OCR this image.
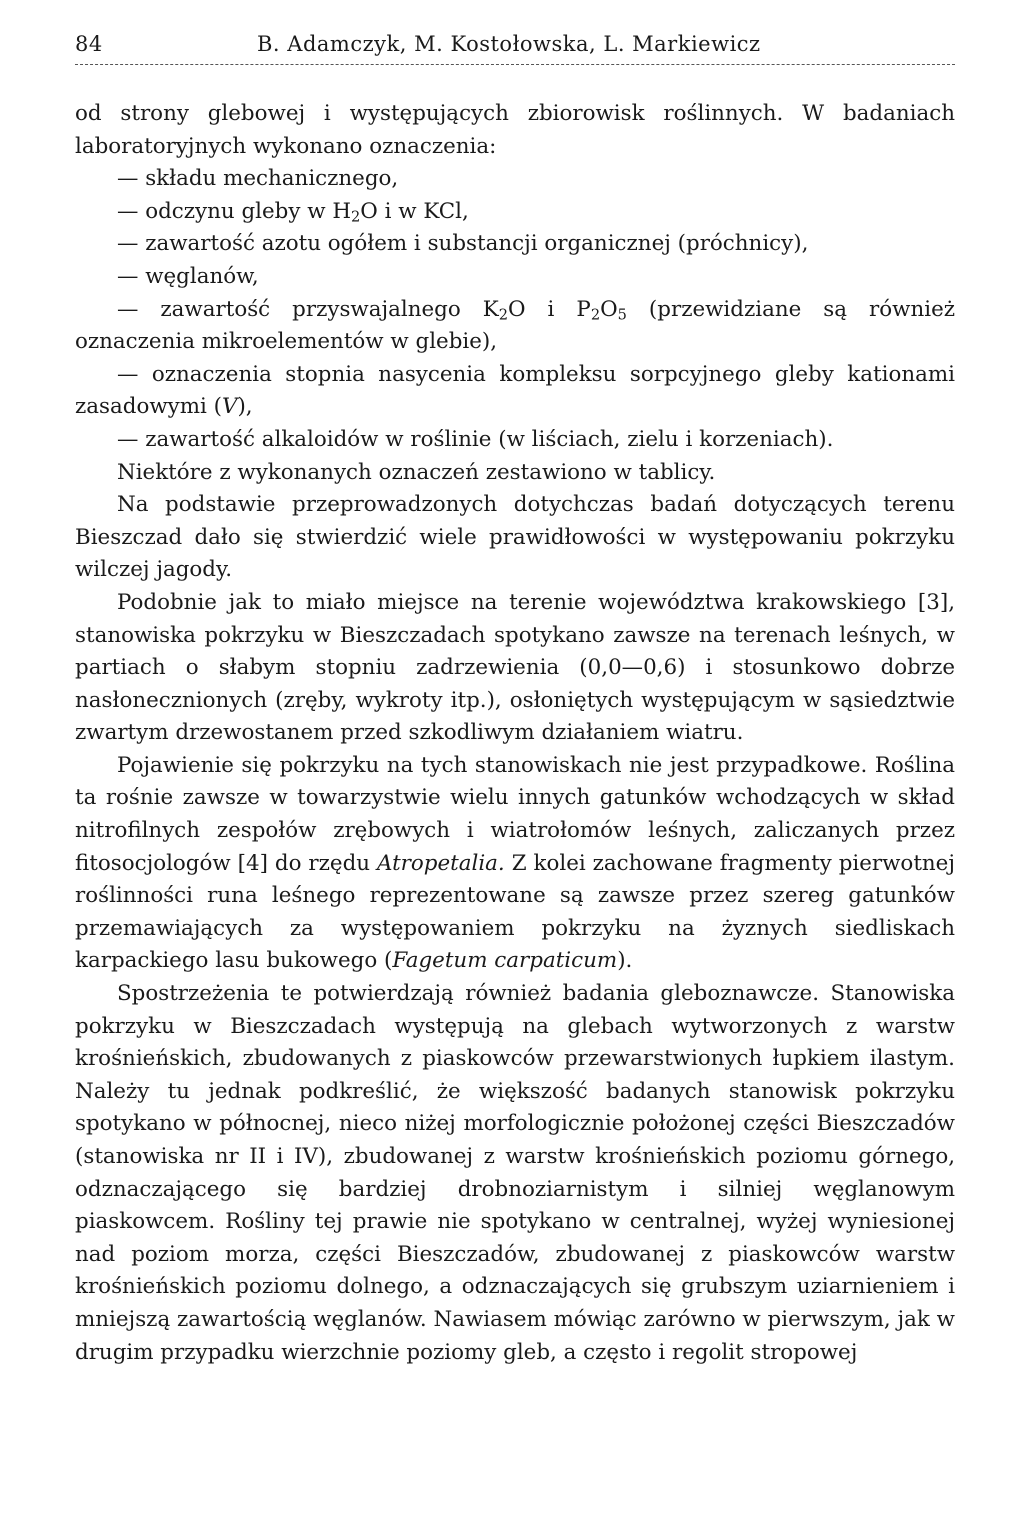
84	B. Adamczyk, M. Kostołowska, L. Markiewicz

od strony glebowej i występujących zbiorowisk roślinnych. W badaniach laboratoryjnych wykonano oznaczenia:

— składu mechanicznego,

— odczynu gleby w $H_2O$ i w KCl,

— zawartość azotu ogółem i substancji organicznej (próchnicy),

— węglanów,

— zawartość przyswajalnego $K_2O$ i $P_2O_5$ (przewidziane są również oznaczenia mikroelementów w glebie),

— oznaczenia stopnia nasycenia kompleksu sorpcyjnego gleby kationami zasadowymi (V),

— zawartość alkaloidów w roślinie (w liściach, zielu i korzeniach).

Niektóre z wykonanych oznaczeń zestawiono w tablicy.

Na podstawie przeprowadzonych dotychczas badań dotyczących terenu Bieszczad dało się stwierdzić wiele prawidłowości w występowaniu pokrzyku wilczej jagody.

Podobnie jak to miało miejsce na terenie województwa krakowskiego [3], stanowiska pokrzyku w Bieszczadach spotykano zawsze na terenach leśnych, w partiach o słabym stopniu zadrzewienia (0,0—0,6) i stosunkowo dobrze nasłonecznionych (zręby, wykroty itp.), osłoniętych występującym w sąsiedztwie zwartym drzewostanem przed szkodliwym działaniem wiatru.

Pojawienie się pokrzyku na tych stanowiskach nie jest przypadkowe. Roślina ta rośnie zawsze w towarzystwie wielu innych gatunków wchodzących w skład nitrofilnych zespołów zrębowych i wiatrołomów leśnych, zaliczanych przez fitosocjologów [4] do rzędu Atropetalia. Z kolei zachowane fragmenty pierwotnej roślinności runa leśnego reprezentowane są zawsze przez szereg gatunków przemawiających za występowaniem pokrzyku na żyznych siedliskach karpackiego lasu bukowego (Fagetum carpaticum).

Spostrzeżenia te potwierdzają również badania gleboznawcze. Stanowiska pokrzyku w Bieszczadach występują na glebach wytworzonych z warstw krośnieńskich, zbudowanych z piaskowców przewarstwionych łupkiem ilastym. Należy tu jednak podkreślić, że większość badanych stanowisk pokrzyku spotykano w północnej, nieco niżej morfologicznie położonej części Bieszczadów (stanowiska nr II i IV), zbudowanej z warstw krośnieńskich poziomu górnego, odznaczającego się bardziej drobnoziarnistym i silniej węglanowym piaskowcem. Rośliny tej prawie nie spotykano w centralnej, wyżej wyniesionej nad poziom morza, części Bieszczadów, zbudowanej z piaskowców warstw krośnieńskich poziomu dolnego, a odznaczających się grubszym uziarnieniem i mniejszą zawartością węglanów. Nawiasem mówiąc zarówno w pierwszym, jak w drugim przypadku wierzchnie poziomy gleb, a często i regolit stropowej
